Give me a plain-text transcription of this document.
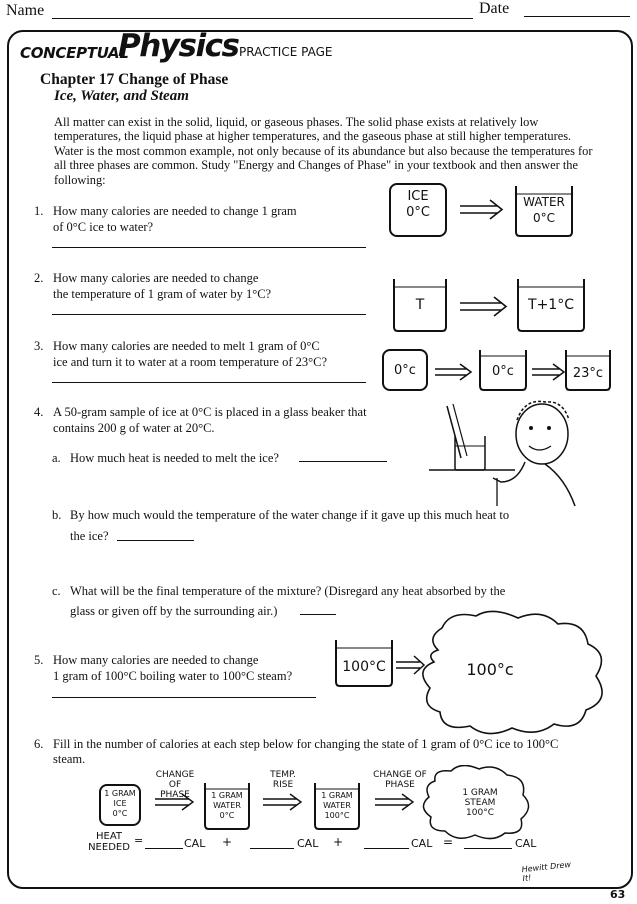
Name	Date
CONCEPTUAL
Physics PRACTICE PAGE
Chapter 17 Change of Phase
Ice, Water, and Steam
All matter can exist in the solid, liquid, or gaseous phases. The solid phase exists at relatively low temperatures, the liquid phase at higher temperatures, and the gaseous phase at still higher temperatures. Water is the most common example, not only because of its abundance but also because the temperatures for all three phases are common. Study "Energy and Changes of Phase" in your textbook and then answer the following:
1. How many calories are needed to change 1 gram
of 0°C ice to water?
2. How many calories are needed to change
the temperature of 1 gram of water by 1°C?
3. How many calories are needed to melt 1 gram of 0°C
ice and turn it to water at a room temperature of 23°C?
4. A 50-gram sample of ice at 0°C is placed in a glass beaker that
contains 200 g of water at 20°C.
a. How much heat is needed to melt the ice?
b. By how much would the temperature of the water change if it gave up this much heat to
the ice?
c. What will be the final temperature of the mixture? (Disregard any heat absorbed by the
glass or given off by the surrounding air.)
5. How many calories are needed to change
1 gram of 100°C boiling water to 100°C steam?
6. Fill in the number of calories at each step below for changing the state of 1 gram of 0°C ice to 100°C
steam.
ICE
0°C
WATER
0°C
T	T+1°C
0°c	0°c	23°c
100°C	100°c
CHANGE OF
PHASE
TEMP.
RISE
CHANGE OF
PHASE
1 GRAM
ICE
0°C
1 GRAM
WATER
0°C
1 GRAM
WATER
100°C
1 GRAM
STEAM
100°C
HEAT
NEEDED
=	CAL +	CAL +	CAL =	CAL
Hewitt Drew It!
63
